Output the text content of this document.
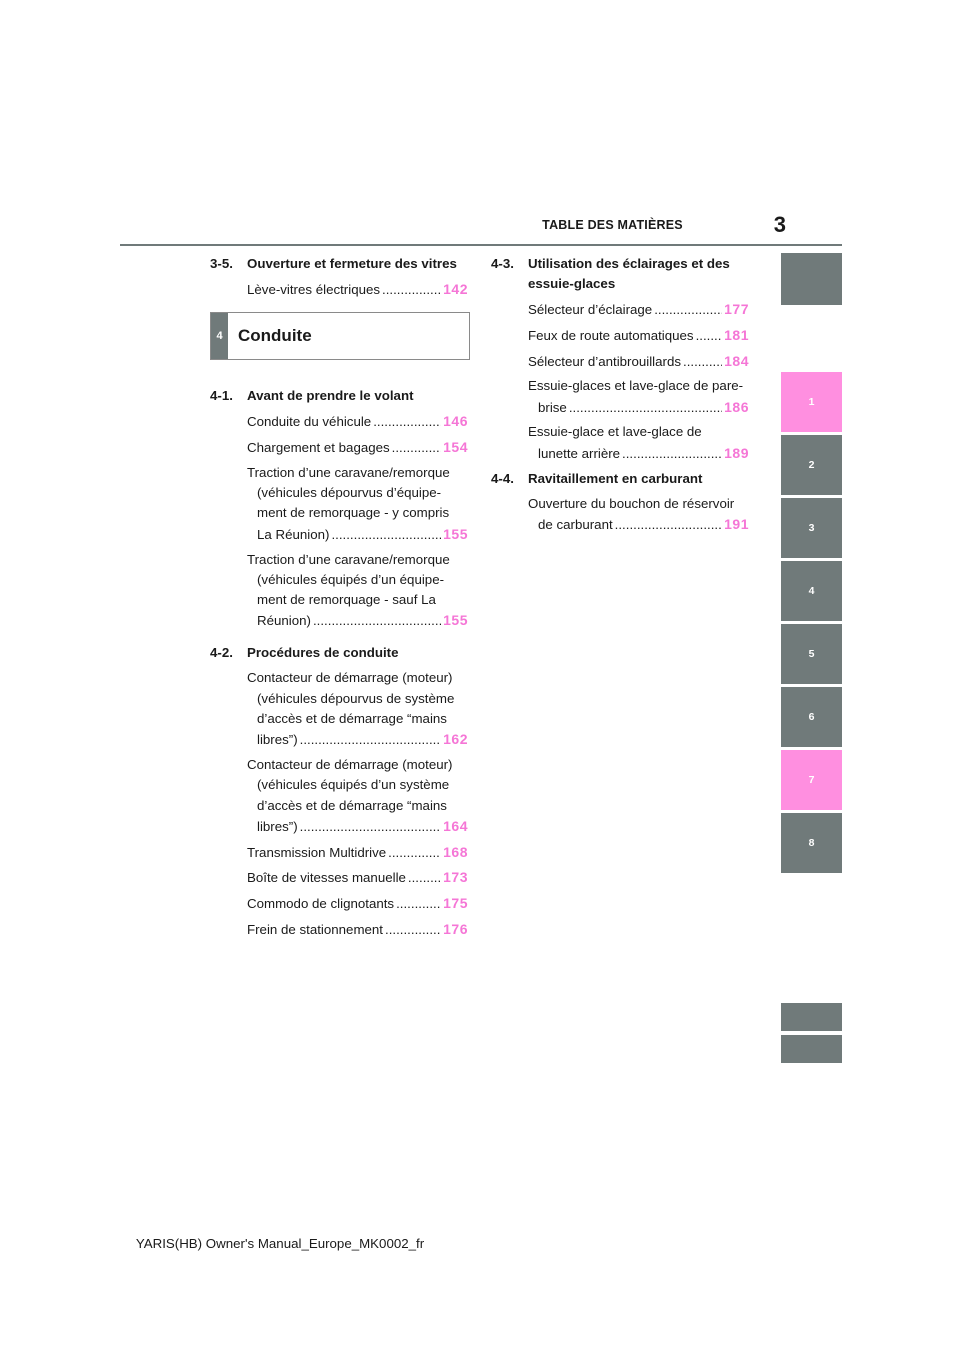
TABLE DES MATIÈRES	3
3-5.	Ouverture et fermeture des vitres
Lève-vitres électriques .....	142
4 Conduite
4-1.	Avant de prendre le volant
Conduite du véhicule .....	146
Chargement et bagages .....	154
Traction d’une caravane/remorque
(véhicules dépourvus d’équipe-
ment de remorquage - y compris
La Réunion) .....	155
Traction d’une caravane/remorque
(véhicules équipés d’un équipe-
ment de remorquage - sauf La
Réunion) .....	155
4-2.	Procédures de conduite
Contacteur de démarrage (moteur)
(véhicules dépourvus de système
d’accès et de démarrage “mains
libres”) .....	162
Contacteur de démarrage (moteur)
(véhicules équipés d’un système
d’accès et de démarrage “mains
libres”) .....	164
Transmission Multidrive .....	168
Boîte de vitesses manuelle .....	173
Commodo de clignotants .....	175
Frein de stationnement .....	176
4-3.	Utilisation des éclairages et des
essuie-glaces
Sélecteur d’éclairage .....	177
Feux de route automatiques ..... 181
Sélecteur d’antibrouillards .....	184
Essuie-glaces et lave-glace de pare-
brise .....	186
Essuie-glace et lave-glace de
lunette arrière .....	189
4-4.	Ravitaillement en carburant
Ouverture du bouchon de réservoir
de carburant .....	191
1
2
3
4
5
6
7
8
YARIS(HB) Owner's Manual_Europe_MK0002_fr
